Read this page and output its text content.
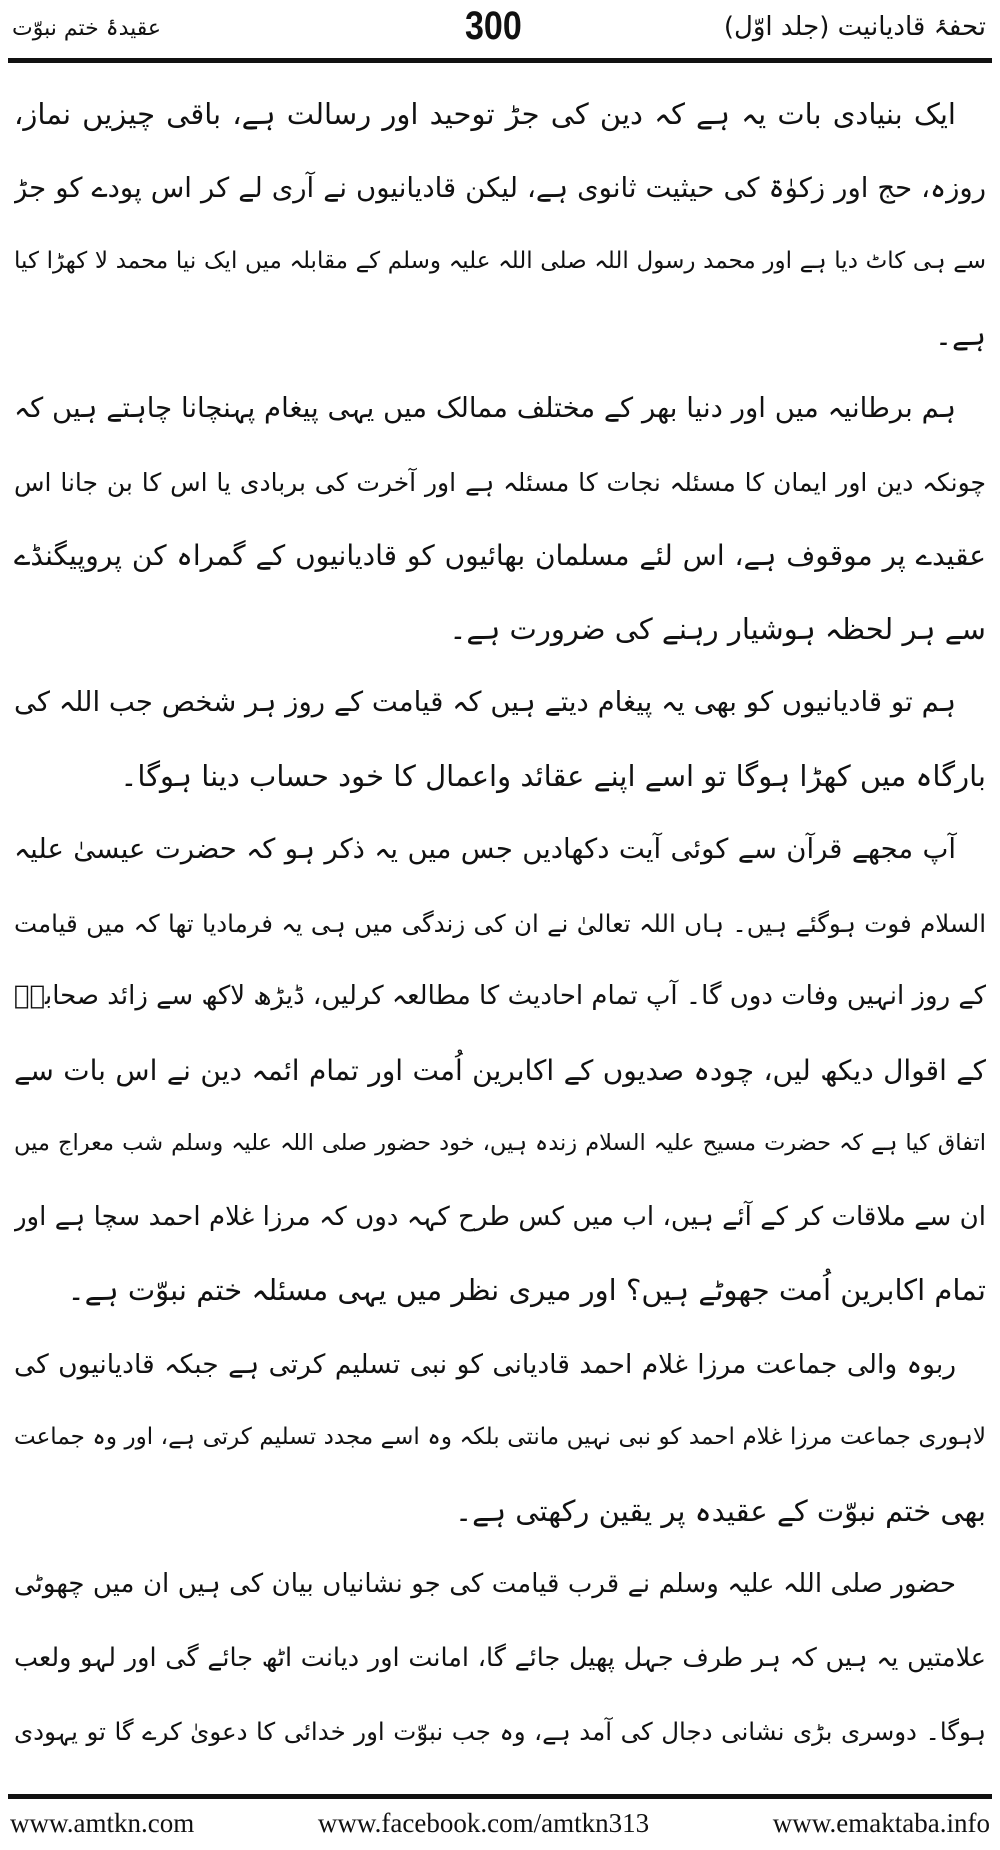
تحفۂ قادیانیت (جلد اوّل)
300
عقیدۂ ختم نبوّت
ایک بنیادی بات یہ ہے کہ دین کی جڑ توحید اور رسالت ہے، باقی چیزیں نماز،
روزہ، حج اور زکوٰۃ کی حیثیت ثانوی ہے، لیکن قادیانیوں نے آری لے کر اس پودے کو جڑ
سے ہی کاٹ دیا ہے اور محمد رسول اللہ صلی اللہ علیہ وسلم کے مقابلہ میں ایک نیا محمد لا کھڑا کیا
ہے۔
ہم برطانیہ میں اور دنیا بھر کے مختلف ممالک میں یہی پیغام پہنچانا چاہتے ہیں کہ
چونکہ دین اور ایمان کا مسئلہ نجات کا مسئلہ ہے اور آخرت کی بربادی یا اس کا بن جانا اس
عقیدے پر موقوف ہے، اس لئے مسلمان بھائیوں کو قادیانیوں کے گمراہ کن پروپیگنڈے
سے ہر لحظہ ہوشیار رہنے کی ضرورت ہے۔
ہم تو قادیانیوں کو بھی یہ پیغام دیتے ہیں کہ قیامت کے روز ہر شخص جب اللہ کی
بارگاہ میں کھڑا ہوگا تو اسے اپنے عقائد واعمال کا خود حساب دینا ہوگا۔
آپ مجھے قرآن سے کوئی آیت دکھادیں جس میں یہ ذکر ہو کہ حضرت عیسیٰ علیہ
السلام فوت ہوگئے ہیں۔ ہاں اللہ تعالیٰ نے ان کی زندگی میں ہی یہ فرمادیا تھا کہ میں قیامت
کے روز انہیں وفات دوں گا۔ آپ تمام احادیث کا مطالعہ کرلیں، ڈیڑھ لاکھ سے زائد صحابہؓ
کے اقوال دیکھ لیں، چودہ صدیوں کے اکابرین اُمت اور تمام ائمہ دین نے اس بات سے
اتفاق کیا ہے کہ حضرت مسیح علیہ السلام زندہ ہیں، خود حضور صلی اللہ علیہ وسلم شب معراج میں
ان سے ملاقات کر کے آئے ہیں، اب میں کس طرح کہہ دوں کہ مرزا غلام احمد سچا ہے اور
تمام اکابرین اُمت جھوٹے ہیں؟ اور میری نظر میں یہی مسئلہ ختم نبوّت ہے۔
ربوہ والی جماعت مرزا غلام احمد قادیانی کو نبی تسلیم کرتی ہے جبکہ قادیانیوں کی
لاہوری جماعت مرزا غلام احمد کو نبی نہیں مانتی بلکہ وہ اسے مجدد تسلیم کرتی ہے، اور وہ جماعت
بھی ختم نبوّت کے عقیدہ پر یقین رکھتی ہے۔
حضور صلی اللہ علیہ وسلم نے قرب قیامت کی جو نشانیاں بیان کی ہیں ان میں چھوٹی
علامتیں یہ ہیں کہ ہر طرف جہل پھیل جائے گا، امانت اور دیانت اٹھ جائے گی اور لہو ولعب
ہوگا۔ دوسری بڑی نشانی دجال کی آمد ہے، وہ جب نبوّت اور خدائی کا دعویٰ کرے گا تو یہودی
www.amtkn.com	www.facebook.com/amtkn313	www.emaktaba.info
